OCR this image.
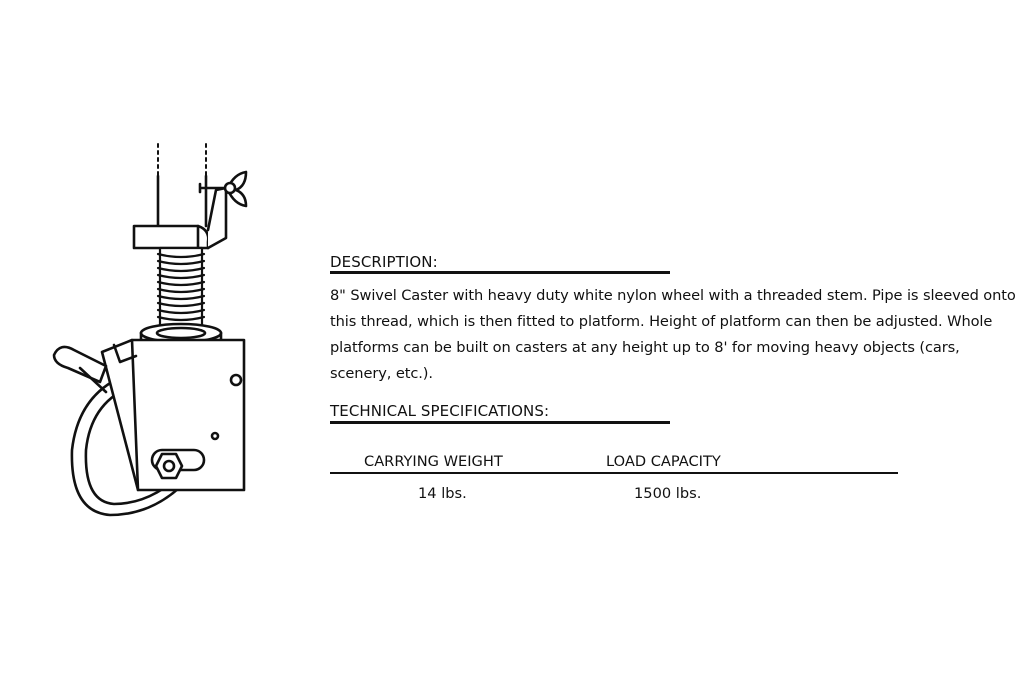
DESCRIPTION:
8" Swivel Caster with heavy duty white nylon wheel with a threaded stem. Pipe is sleeved onto this thread, which is then fitted to platform. Height of platform can then be adjusted. Whole platforms can be built on casters at any height up to 8' for moving heavy objects (cars, scenery, etc.).
TECHNICAL SPECIFICATIONS:
CARRYING WEIGHT	LOAD CAPACITY
14 lbs.	1500 lbs.
